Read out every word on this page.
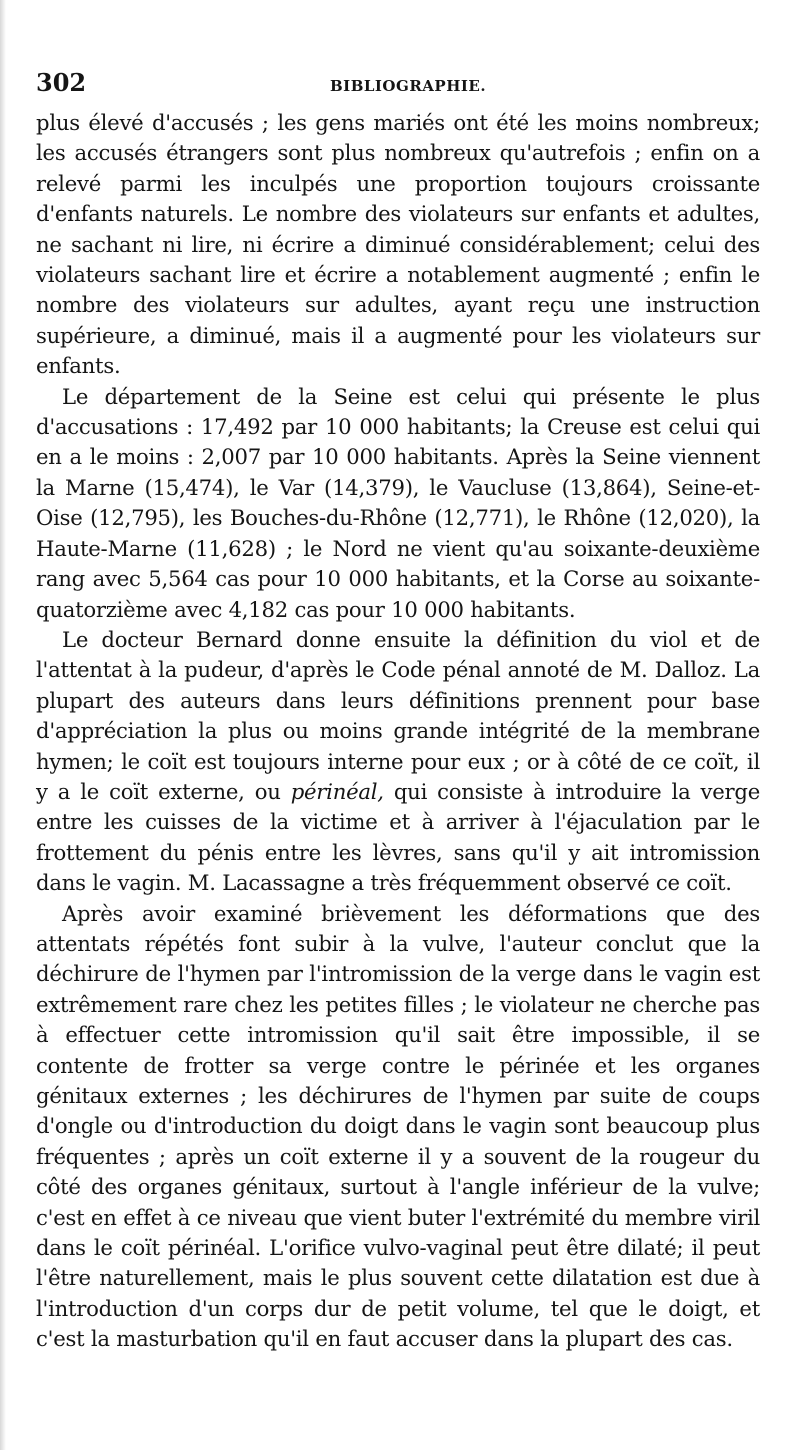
302	BIBLIOGRAPHIE.

plus élevé d'accusés ; les gens mariés ont été les moins nombreux; les accusés étrangers sont plus nombreux qu'autrefois ; enfin on a relevé parmi les inculpés une proportion toujours croissante d'enfants naturels. Le nombre des violateurs sur enfants et adultes, ne sachant ni lire, ni écrire a diminué considérablement; celui des violateurs sachant lire et écrire a notablement augmenté ; enfin le nombre des violateurs sur adultes, ayant reçu une instruction supérieure, a diminué, mais il a augmenté pour les violateurs sur enfants.

Le département de la Seine est celui qui présente le plus d'accusations : 17,492 par 10 000 habitants; la Creuse est celui qui en a le moins : 2,007 par 10 000 habitants. Après la Seine viennent la Marne (15,474), le Var (14,379), le Vaucluse (13,864), Seine-et-Oise (12,795), les Bouches-du-Rhône (12,771), le Rhône (12,020), la Haute-Marne (11,628) ; le Nord ne vient qu'au soixante-deuxième rang avec 5,564 cas pour 10 000 habitants, et la Corse au soixante-quatorzième avec 4,182 cas pour 10 000 habitants.

Le docteur Bernard donne ensuite la définition du viol et de l'attentat à la pudeur, d'après le Code pénal annoté de M. Dalloz. La plupart des auteurs dans leurs définitions prennent pour base d'appréciation la plus ou moins grande intégrité de la membrane hymen; le coït est toujours interne pour eux ; or à côté de ce coït, il y a le coït externe, ou périnéal, qui consiste à introduire la verge entre les cuisses de la victime et à arriver à l'éjaculation par le frottement du pénis entre les lèvres, sans qu'il y ait intromission dans le vagin. M. Lacassagne a très fréquemment observé ce coït.

Après avoir examiné brièvement les déformations que des attentats répétés font subir à la vulve, l'auteur conclut que la déchirure de l'hymen par l'intromission de la verge dans le vagin est extrêmement rare chez les petites filles ; le violateur ne cherche pas à effectuer cette intromission qu'il sait être impossible, il se contente de frotter sa verge contre le périnée et les organes génitaux externes ; les déchirures de l'hymen par suite de coups d'ongle ou d'introduction du doigt dans le vagin sont beaucoup plus fréquentes ; après un coït externe il y a souvent de la rougeur du côté des organes génitaux, surtout à l'angle inférieur de la vulve; c'est en effet à ce niveau que vient buter l'extrémité du membre viril dans le coït périnéal. L'orifice vulvo-vaginal peut être dilaté; il peut l'être naturellement, mais le plus souvent cette dilatation est due à l'introduction d'un corps dur de petit volume, tel que le doigt, et c'est la masturbation qu'il en faut accuser dans la plupart des cas.
